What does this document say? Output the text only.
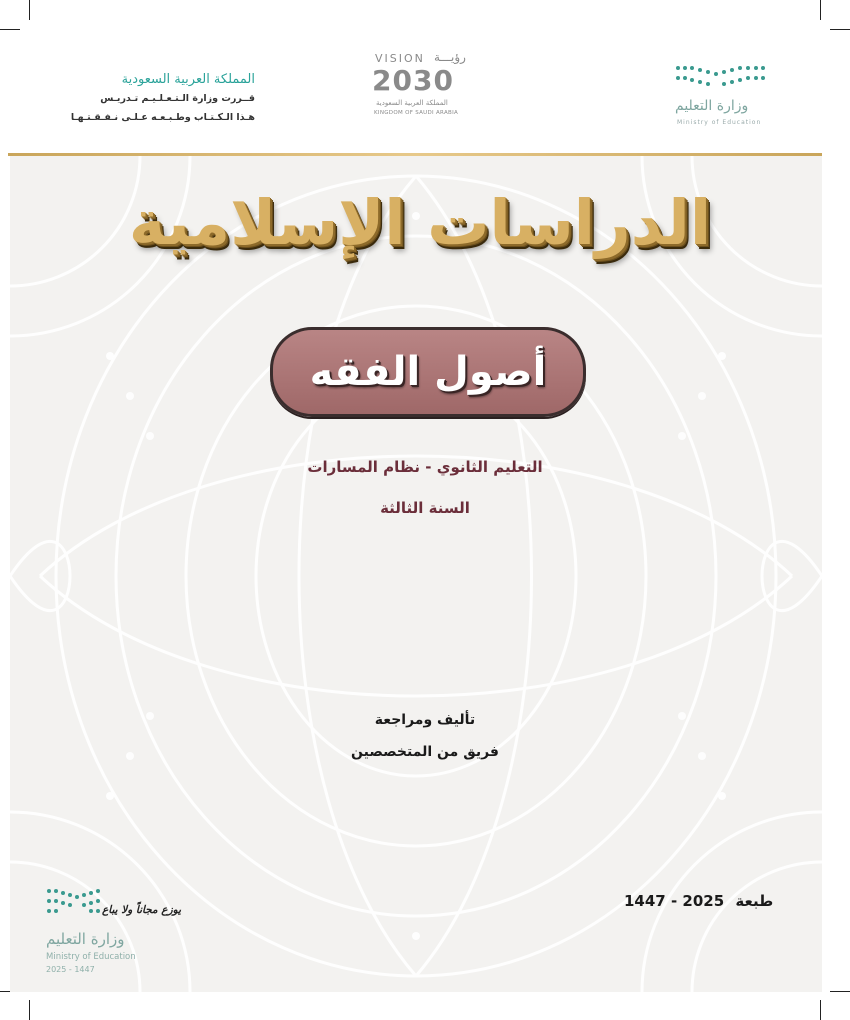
المملكة العربية السعودية

قــررت وزارة الـتـعـلـيـم تـدريـس

هـذا الـكـتـاب وطـبـعـه عـلـى نـفـقـتـهـا

VISION رؤيـــة
2030
المملكة العربية السعودية
KINGDOM OF SAUDI ARABIA	وزارة التعليم
Ministry of Education
الدراسات الإسلامية
أصول الفقه
التعليم الثانوي - نظام المسارات
السنة الثالثة
تأليف ومراجعة
فريق من المتخصصين
1447 - 2025 طبعة
يوزع مجاناً ولا يباع
وزارة التعليم
Ministry of Education
2025 - 1447
